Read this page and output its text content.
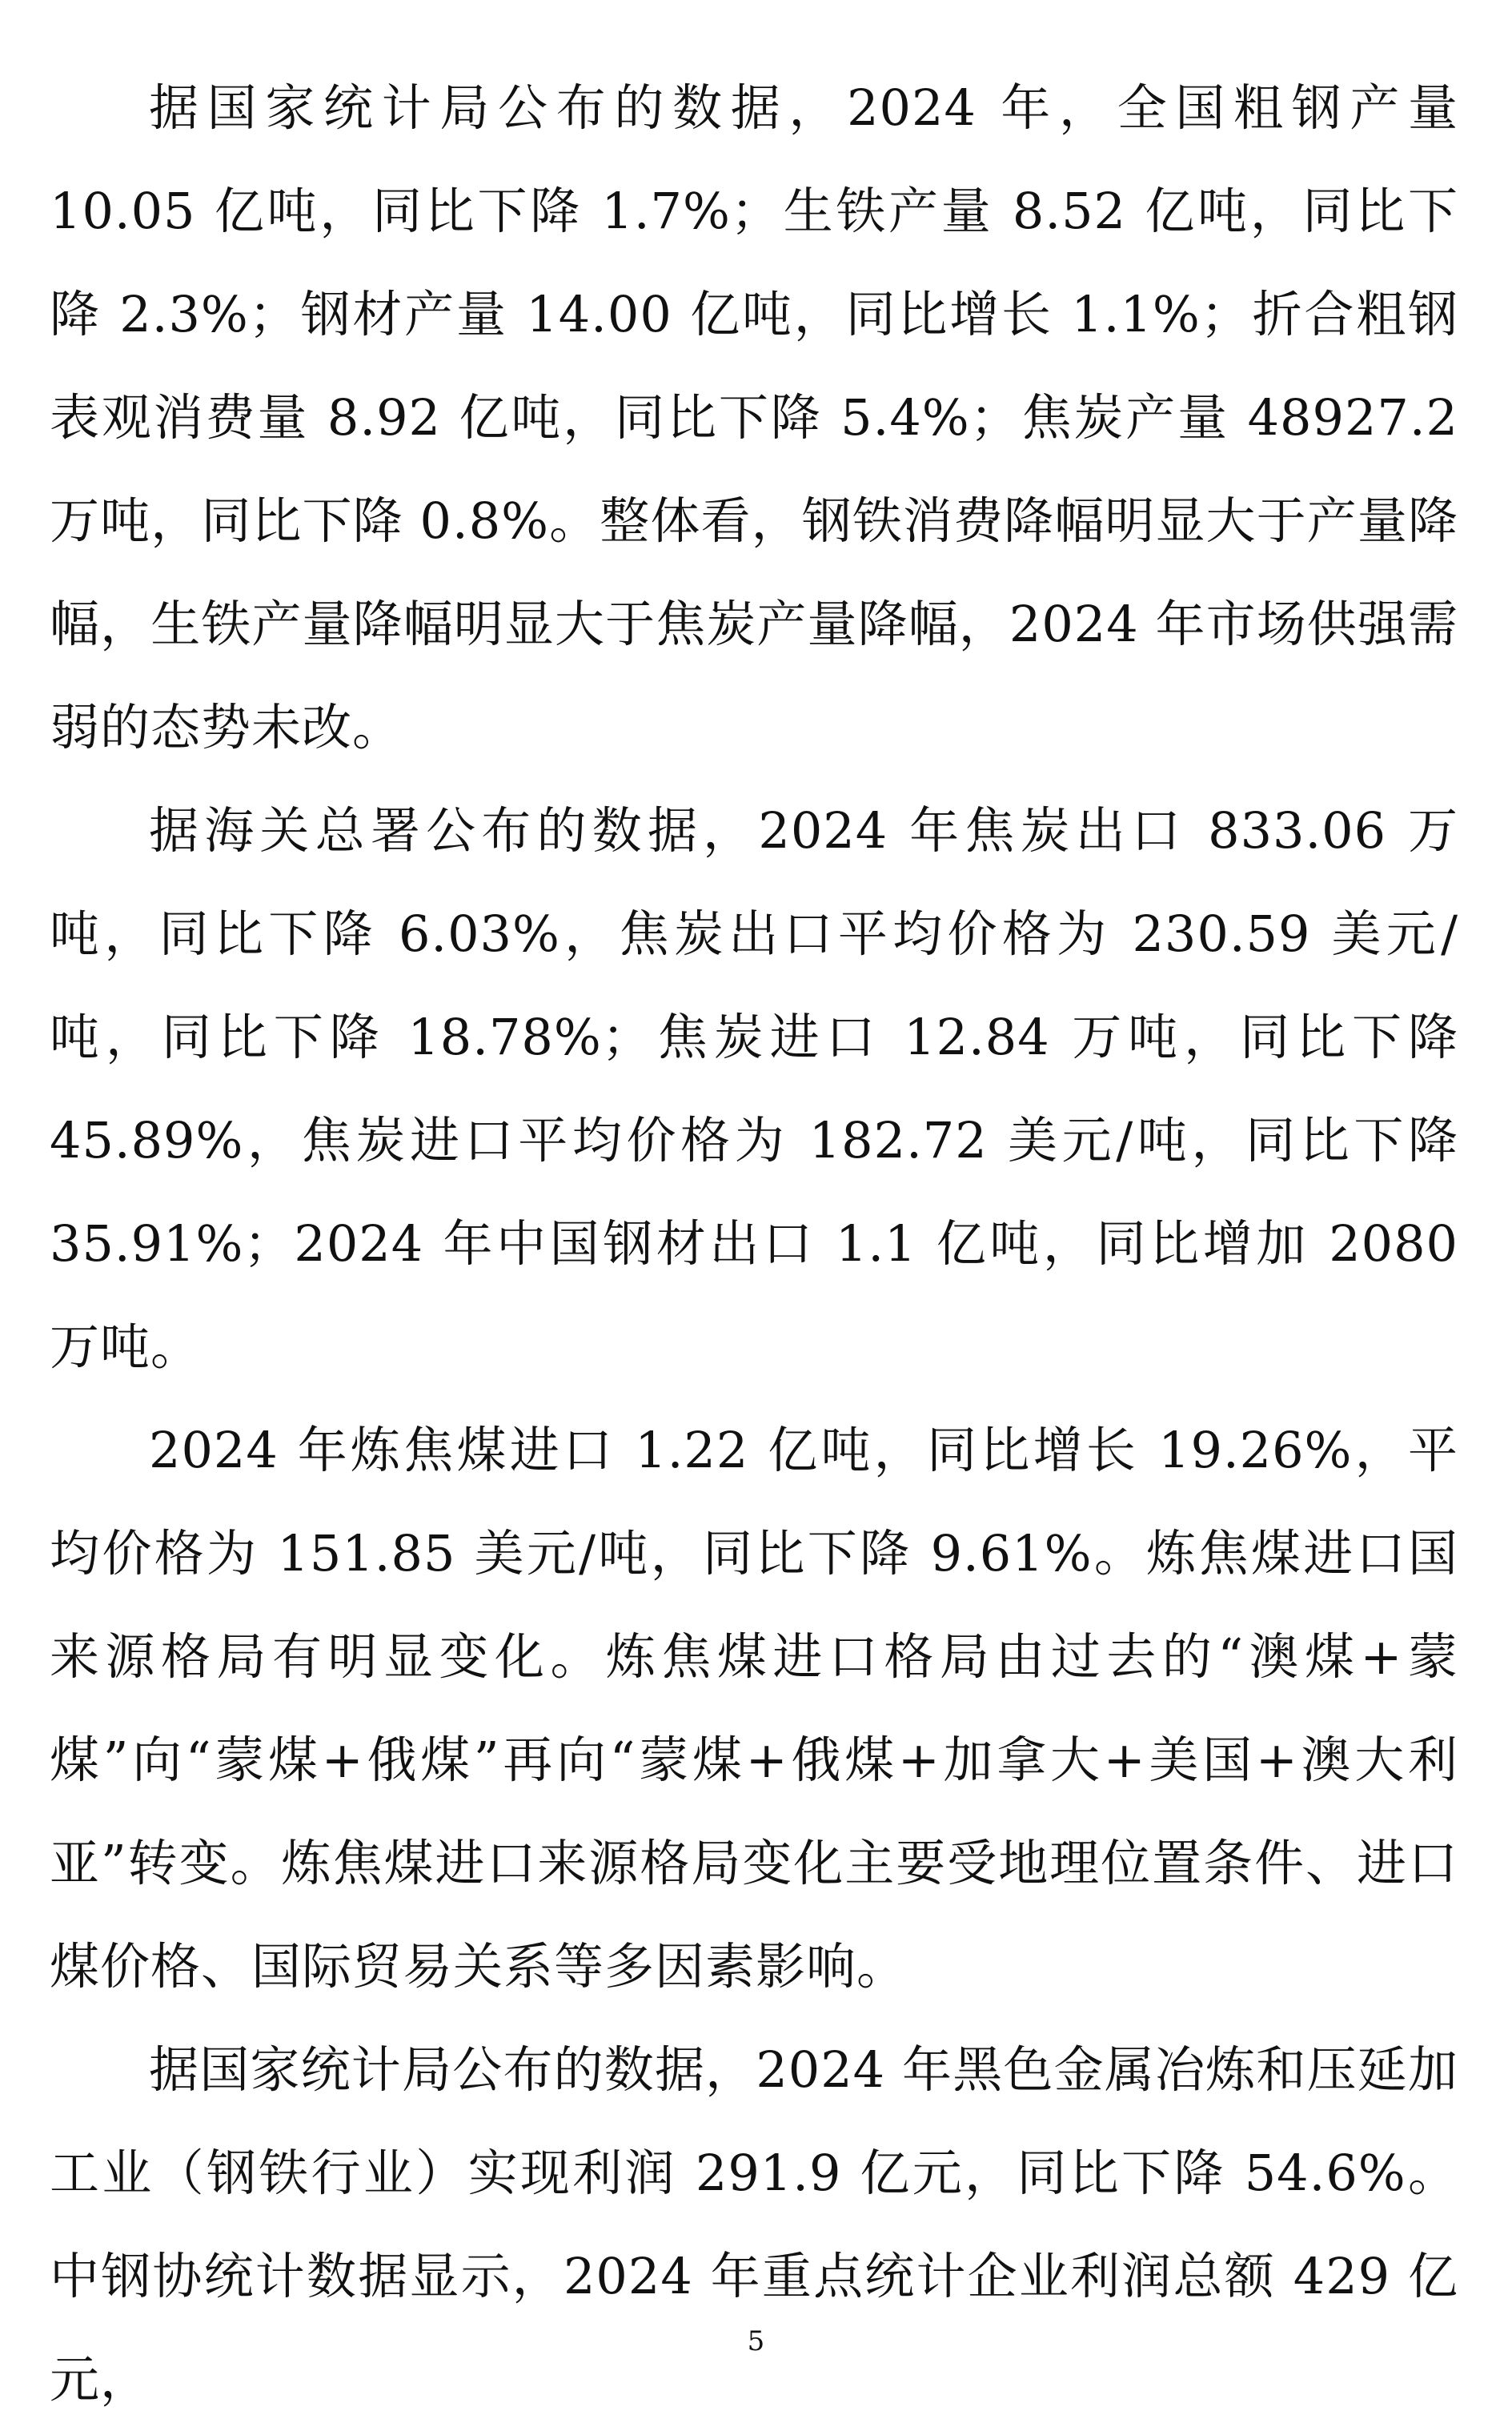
据国家统计局公布的数据，2024 年，全国粗钢产量 10.05 亿吨，同比下降 1.7%；生铁产量 8.52 亿吨，同比下降 2.3%；钢材产量 14.00 亿吨，同比增长 1.1%；折合粗钢表观消费量 8.92 亿吨，同比下降 5.4%；焦炭产量 48927.2 万吨，同比下降 0.8%。整体看，钢铁消费降幅明显大于产量降幅，生铁产量降幅明显大于焦炭产量降幅，2024 年市场供强需弱的态势未改。

据海关总署公布的数据，2024 年焦炭出口 833.06 万吨，同比下降 6.03%，焦炭出口平均价格为 230.59 美元/吨，同比下降 18.78%；焦炭进口 12.84 万吨，同比下降 45.89%，焦炭进口平均价格为 182.72 美元/吨，同比下降 35.91%；2024 年中国钢材出口 1.1 亿吨，同比增加 2080 万吨。

2024 年炼焦煤进口 1.22 亿吨，同比增长 19.26%，平均价格为 151.85 美元/吨，同比下降 9.61%。炼焦煤进口国来源格局有明显变化。炼焦煤进口格局由过去的“澳煤+蒙煤”向“蒙煤+俄煤”再向“蒙煤+俄煤+加拿大+美国+澳大利亚”转变。炼焦煤进口来源格局变化主要受地理位置条件、进口煤价格、国际贸易关系等多因素影响。

据国家统计局公布的数据，2024 年黑色金属冶炼和压延加工业（钢铁行业）实现利润 291.9 亿元，同比下降 54.6%。中钢协统计数据显示，2024 年重点统计企业利润总额 429 亿元，

5
